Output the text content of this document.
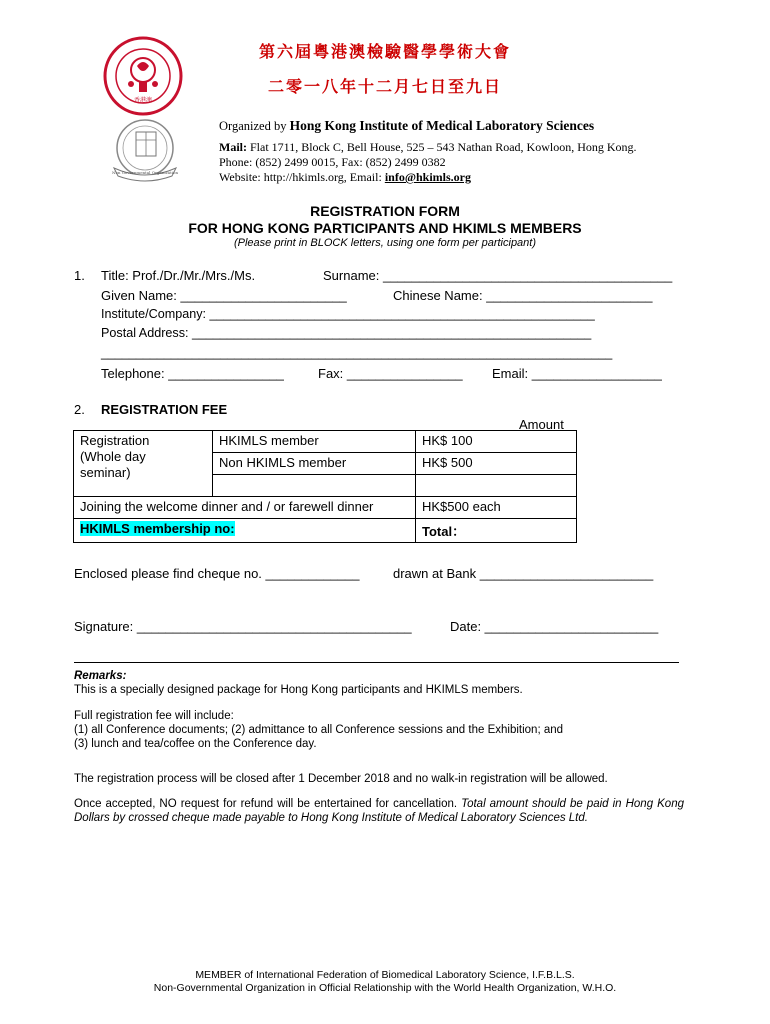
香港澳
Non Governmental Organization
第六屆粵港澳檢驗醫學學術大會
二零一八年十二月七日至九日
Organized by Hong Kong Institute of Medical Laboratory Sciences
Mail: Flat 1711, Block C, Bell House, 525 – 543 Nathan Road, Kowloon, Hong Kong.
Phone: (852) 2499 0015, Fax: (852) 2499 0382
Website: http://hkimls.org, Email: info@hkimls.org
REGISTRATION FORM
FOR HONG KONG PARTICIPANTS AND HKIMLS MEMBERS
(Please print in BLOCK letters, using one form per participant)
1. Title: Prof./Dr./Mr./Mrs./Ms.	Surname: ________________________________________
Given Name: _______________________	Chinese Name: _______________________
Institute/Company: _______________________________________________________
Postal Address: _________________________________________________________
_________________________________________________________________________
Telephone: ________________	Fax: ________________ Email: __________________
2. REGISTRATION FEE
Amount
Registration
(Whole day
seminar)	HKIMLS member	HK$ 100
	Non HKIMLS member	HK$ 500

Joining the welcome dinner and / or farewell dinner		HK$500 each
HKIMLS membership no:		Total：
Enclosed please find cheque no. _____________	drawn at Bank ________________________
Signature: ______________________________________	Date: ________________________
Remarks:
This is a specially designed package for Hong Kong participants and HKIMLS members.
Full registration fee will include:
(1) all Conference documents; (2) admittance to all Conference sessions and the Exhibition; and
(3) lunch and tea/coffee on the Conference day.
The registration process will be closed after 1 December 2018 and no walk-in registration will be allowed.
Once accepted, NO request for refund will be entertained for cancellation. Total amount should be paid in Hong Kong Dollars by crossed cheque made payable to Hong Kong Institute of Medical Laboratory Sciences Ltd.
MEMBER of International Federation of Biomedical Laboratory Science, I.F.B.L.S.
Non-Governmental Organization in Official Relationship with the World Health Organization, W.H.O.
